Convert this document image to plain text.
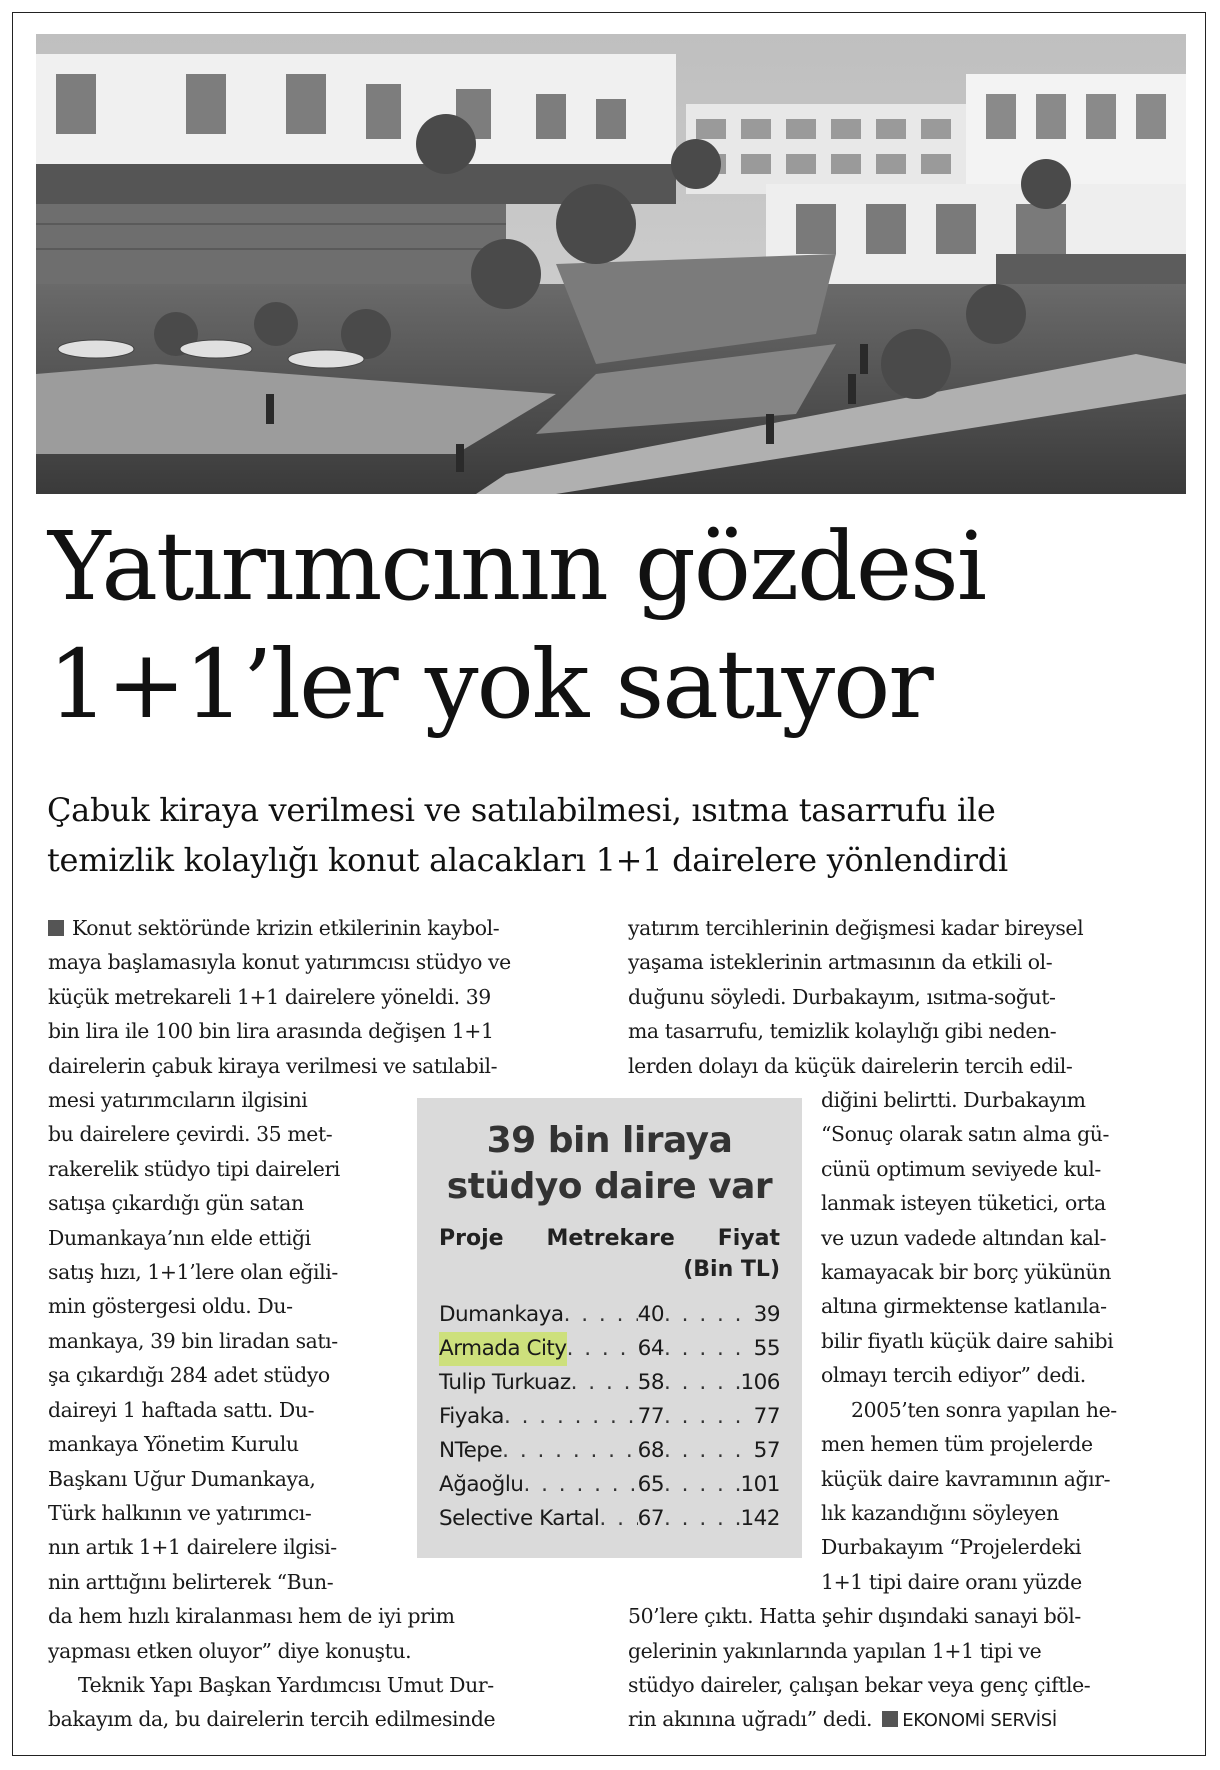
Yatırımcının gözdesi
1+1’ler yok satıyor
Çabuk kiraya verilmesi ve satılabilmesi, ısıtma tasarrufu ile
temizlik kolaylığı konut alacakları 1+1 dairelere yönlendirdi
Konut sektöründe krizin etkilerinin kaybol-
maya başlamasıyla konut yatırımcısı stüdyo ve
küçük metrekareli 1+1 dairelere yöneldi. 39
bin lira ile 100 bin lira arasında değişen 1+1
dairelerin çabuk kiraya verilmesi ve satılabil-
mesi yatırımcıların ilgisini
bu dairelere çevirdi. 35 met-
rakerelik stüdyo tipi daireleri
satışa çıkardığı gün satan
Dumankaya’nın elde ettiği
satış hızı, 1+1’lere olan eğili-
min göstergesi oldu. Du-
mankaya, 39 bin liradan satı-
şa çıkardığı 284 adet stüdyo
daireyi 1 haftada sattı. Du-
mankaya Yönetim Kurulu
Başkanı Uğur Dumankaya,
Türk halkının ve yatırımcı-
nın artık 1+1 dairelere ilgisi-
nin arttığını belirterek “Bun-
da hem hızlı kiralanması hem de iyi prim
yapması etken oluyor” diye konuştu.
Teknik Yapı Başkan Yardımcısı Umut Dur-
bakayım da, bu dairelerin tercih edilmesinde
yatırım tercihlerinin değişmesi kadar bireysel
yaşama isteklerinin artmasının da etkili ol-
duğunu söyledi. Durbakayım, ısıtma-soğut-
ma tasarrufu, temizlik kolaylığı gibi neden-
lerden dolayı da küçük dairelerin tercih edil-
diğini belirtti. Durbakayım
“Sonuç olarak satın alma gü-
cünü optimum seviyede kul-
lanmak isteyen tüketici, orta
ve uzun vadede altından kal-
kamayacak bir borç yükünün
altına girmektense katlanıla-
bilir fiyatlı küçük daire sahibi
olmayı tercih ediyor” dedi.
2005’ten sonra yapılan he-
men hemen tüm projelerde
küçük daire kavramının ağır-
lık kazandığını söyleyen
Durbakayım “Projelerdeki
1+1 tipi daire oranı yüzde
50’lere çıktı. Hatta şehir dışındaki sanayi böl-
gelerinin yakınlarında yapılan 1+1 tipi ve
stüdyo daireler, çalışan bekar veya genç çiftle-
rin akınına uğradı” dedi. EKONOMİ SERVİSİ
39 bin liraya
stüdyo daire var
Proje Metrekare Fiyat
(Bin TL)
Dumankaya . . .	40 . . .	39
Armada City . . .	64 . . .	55
Tulip Turkuaz . . .	58 . . .	106
Fiyaka . . .	77 . . .	77
NTepe . . .	68 . . .	57
Ağaoğlu . . .	65 . . .	101
Selective Kartal . . . 67 . . .	142
